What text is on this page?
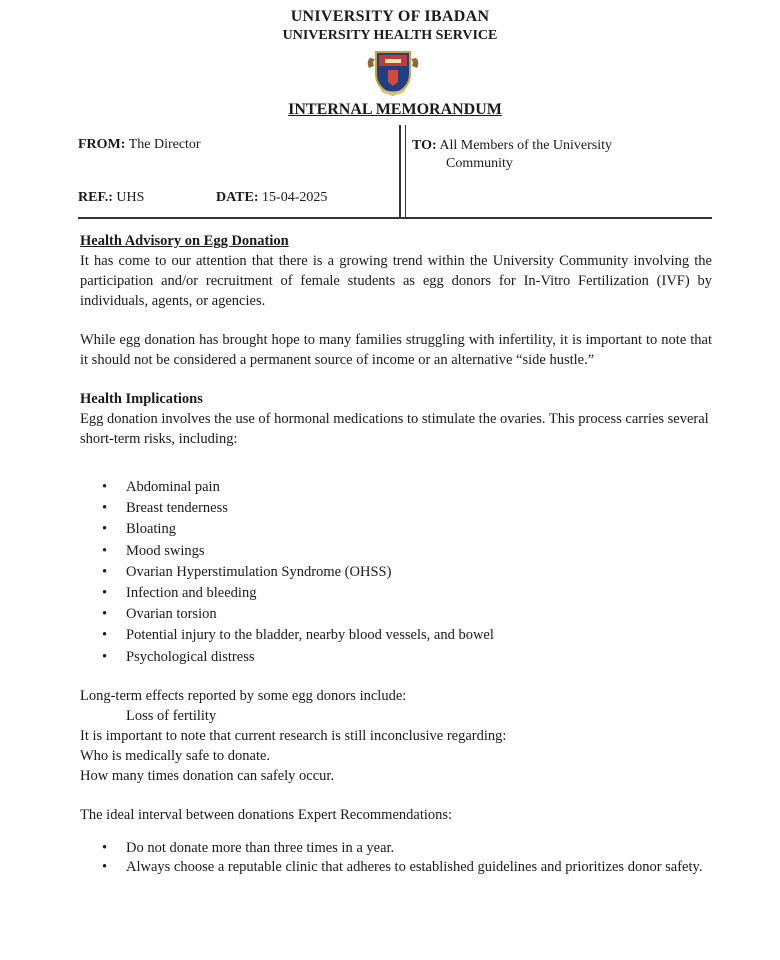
UNIVERSITY OF IBADAN
UNIVERSITY HEALTH SERVICE
INTERNAL MEMORANDUM
FROM: The Director	TO: All Members of the University
Community
REF.: UHS	DATE: 15-04-2025

Health Advisory on Egg Donation

It has come to our attention that there is a growing trend within the University Community involving the participation and/or recruitment of female students as egg donors for In-Vitro Fertilization (IVF) by individuals, agents, or agencies.

While egg donation has brought hope to many families struggling with infertility, it is important to note that it should not be considered a permanent source of income or an alternative “side hustle.”

Health Implications

Egg donation involves the use of hormonal medications to stimulate the ovaries. This process carries several short-term risks, including:

• Abdominal pain
• Breast tenderness
• Bloating
• Mood swings
• Ovarian Hyperstimulation Syndrome (OHSS)
• Infection and bleeding
• Ovarian torsion
• Potential injury to the bladder, nearby blood vessels, and bowel
• Psychological distress

Long-term effects reported by some egg donors include:

Loss of fertility

It is important to note that current research is still inconclusive regarding:

Who is medically safe to donate.

How many times donation can safely occur.

The ideal interval between donations Expert Recommendations:

• Do not donate more than three times in a year.
• Always choose a reputable clinic that adheres to established guidelines and prioritizes donor safety.
